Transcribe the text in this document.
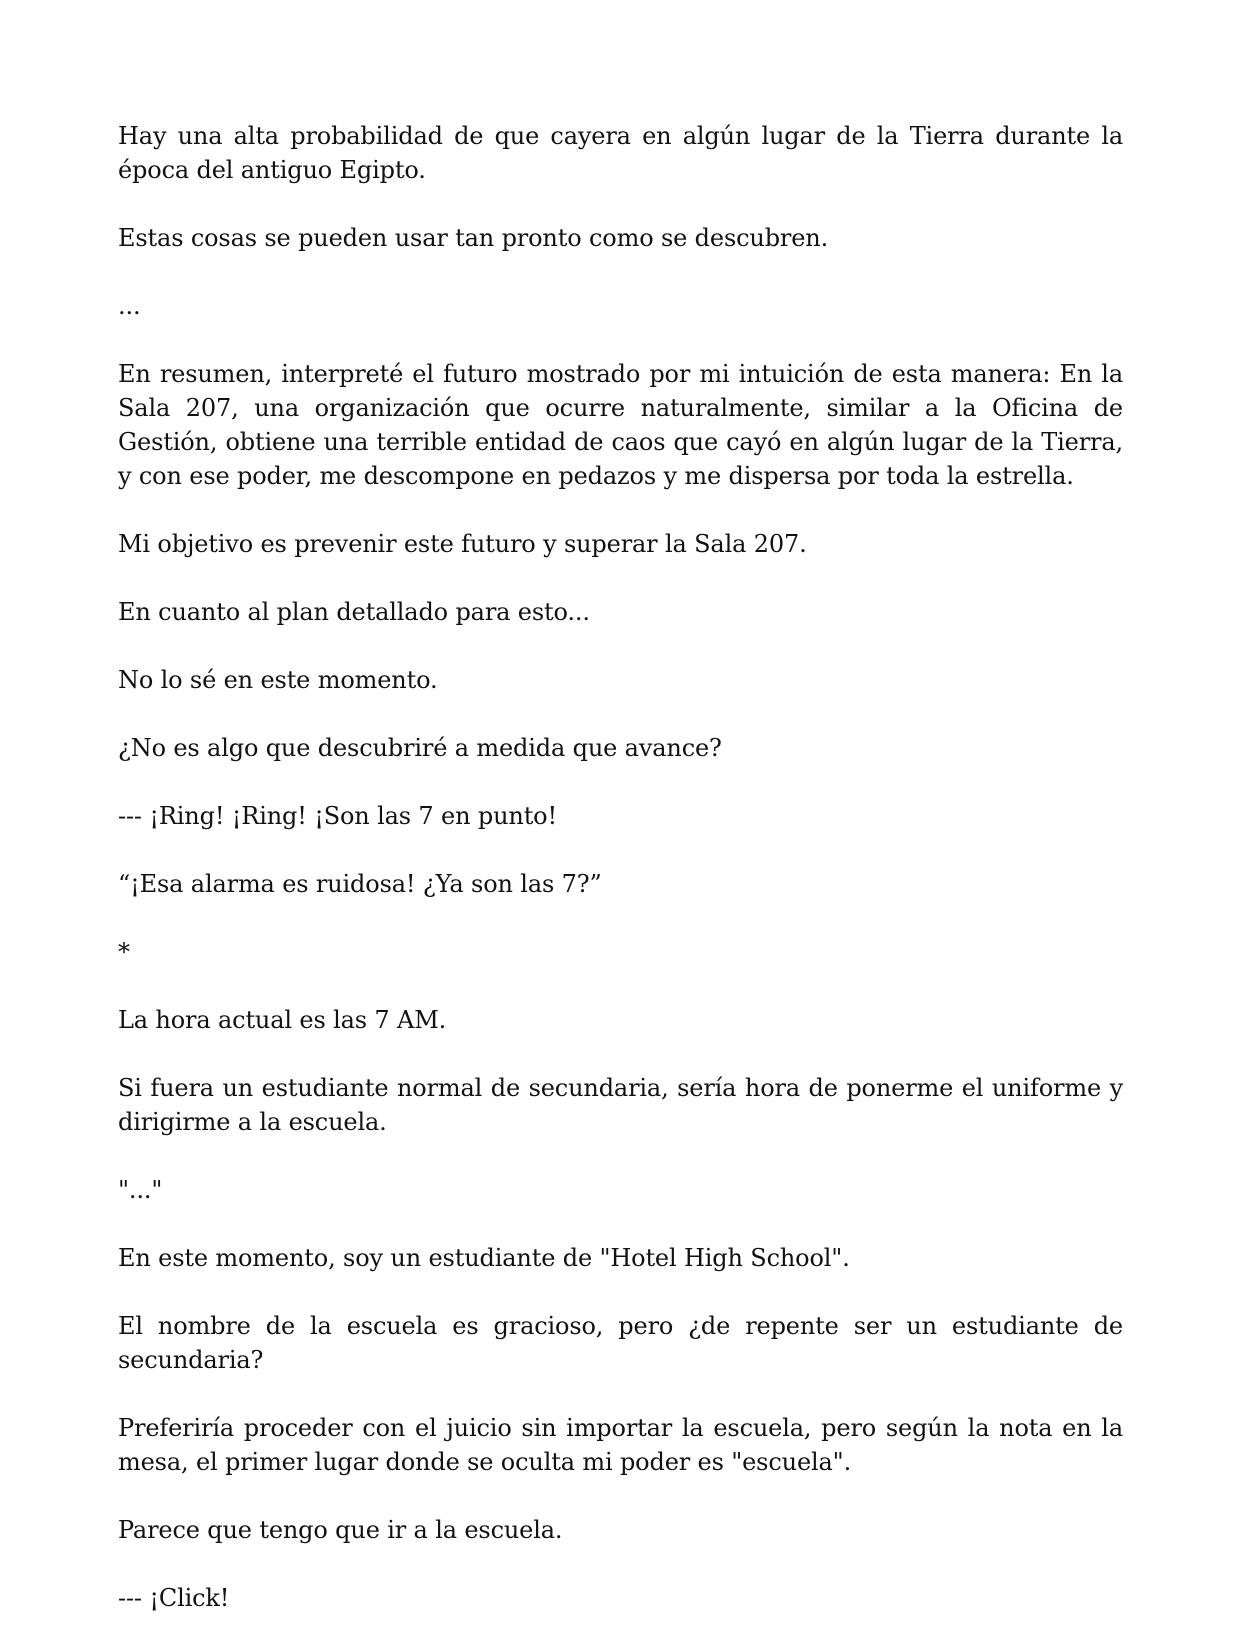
Hay una alta probabilidad de que cayera en algún lugar de la Tierra durante la época del antiguo Egipto.

Estas cosas se pueden usar tan pronto como se descubren.

...

En resumen, interpreté el futuro mostrado por mi intuición de esta manera: En la Sala 207, una organización que ocurre naturalmente, similar a la Oficina de Gestión, obtiene una terrible entidad de caos que cayó en algún lugar de la Tierra, y con ese poder, me descompone en pedazos y me dispersa por toda la estrella.

Mi objetivo es prevenir este futuro y superar la Sala 207.

En cuanto al plan detallado para esto...

No lo sé en este momento.

¿No es algo que descubriré a medida que avance?

--- ¡Ring! ¡Ring! ¡Son las 7 en punto!

“¡Esa alarma es ruidosa! ¿Ya son las 7?”

*

La hora actual es las 7 AM.

Si fuera un estudiante normal de secundaria, sería hora de ponerme el uniforme y dirigirme a la escuela.

"..."

En este momento, soy un estudiante de "Hotel High School".

El nombre de la escuela es gracioso, pero ¿de repente ser un estudiante de secundaria?

Preferiría proceder con el juicio sin importar la escuela, pero según la nota en la mesa, el primer lugar donde se oculta mi poder es "escuela".

Parece que tengo que ir a la escuela.

--- ¡Click!
